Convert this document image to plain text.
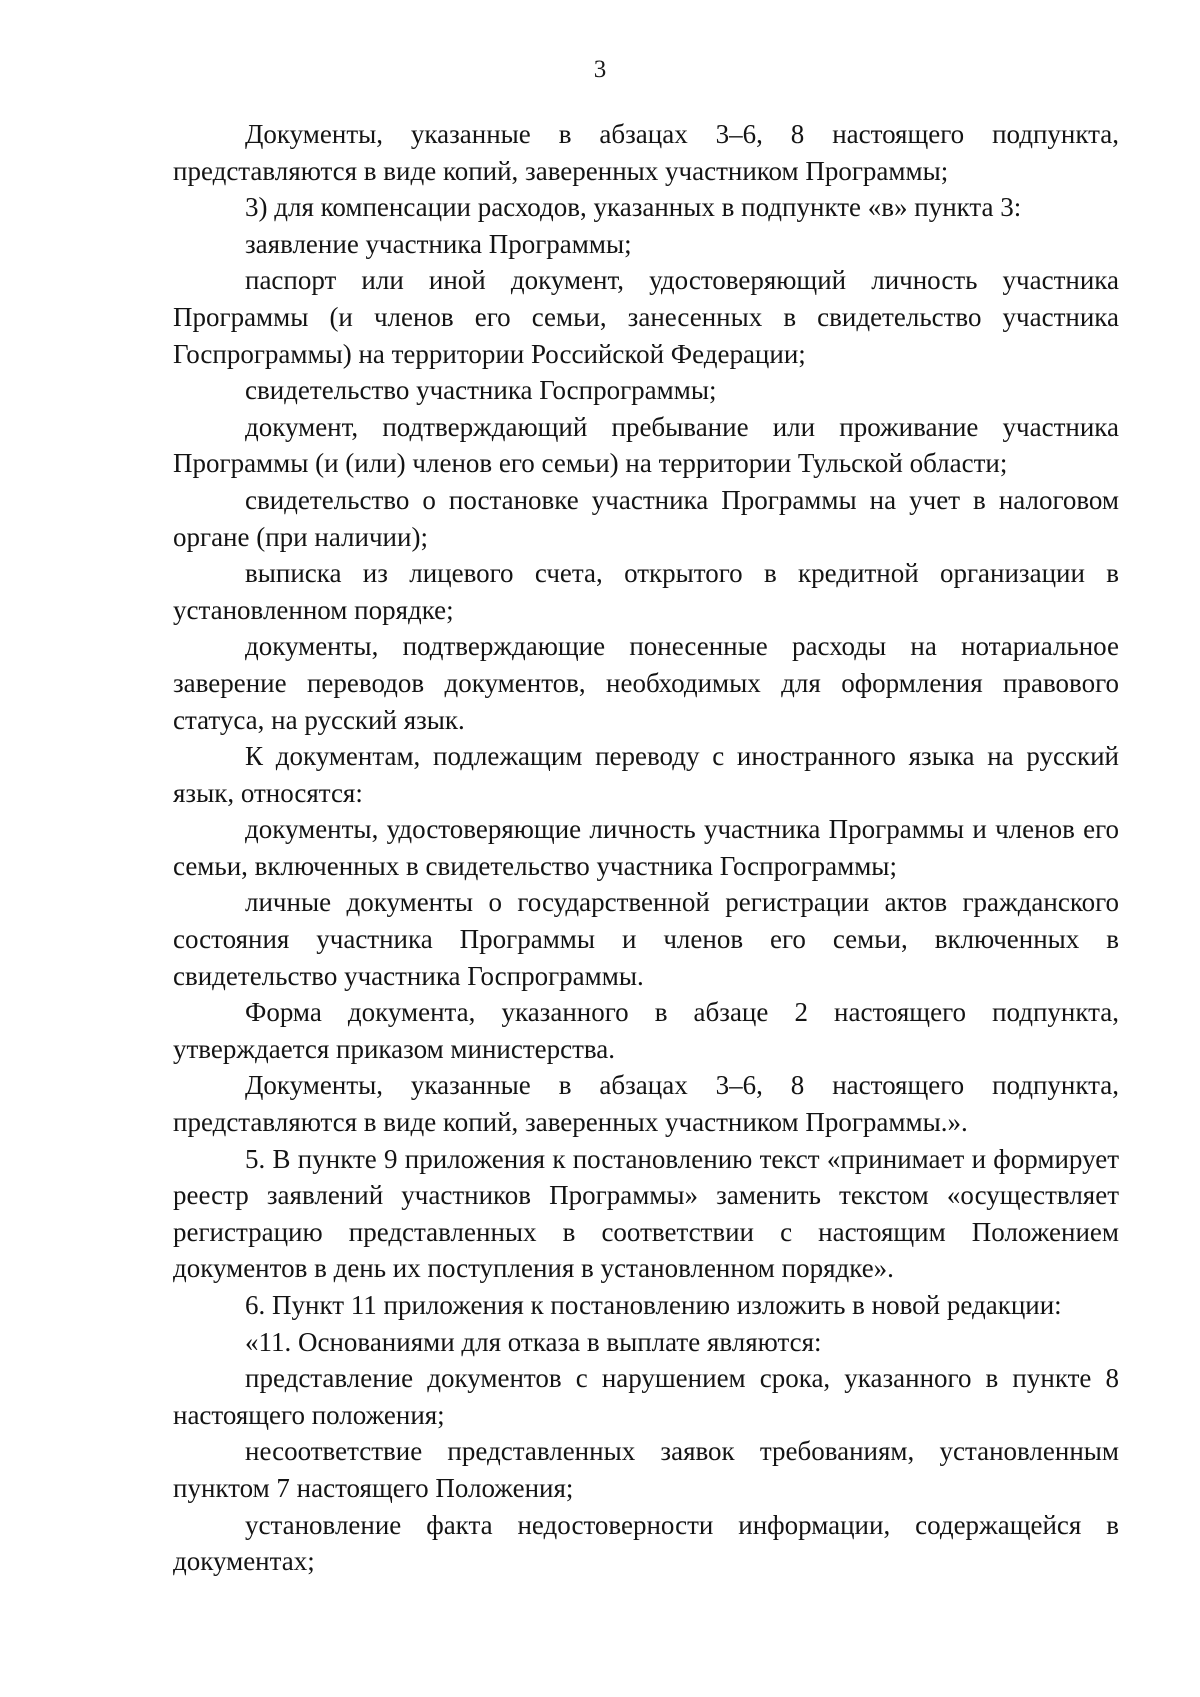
3

Документы, указанные в абзацах 3–6, 8 настоящего подпункта, представляются в виде копий, заверенных участником Программы;

3) для компенсации расходов, указанных в подпункте «в» пункта 3:

заявление участника Программы;

паспорт или иной документ, удостоверяющий личность участника Программы (и членов его семьи, занесенных в свидетельство участника Госпрограммы) на территории Российской Федерации;

свидетельство участника Госпрограммы;

документ, подтверждающий пребывание или проживание участника Программы (и (или) членов его семьи) на территории Тульской области;

свидетельство о постановке участника Программы на учет в налоговом органе (при наличии);

выписка из лицевого счета, открытого в кредитной организации в установленном порядке;

документы, подтверждающие понесенные расходы на нотариальное заверение переводов документов, необходимых для оформления правового статуса, на русский язык.

К документам, подлежащим переводу с иностранного языка на русский язык, относятся:

документы, удостоверяющие личность участника Программы и членов его семьи, включенных в свидетельство участника Госпрограммы;

личные документы о государственной регистрации актов гражданского состояния участника Программы и членов его семьи, включенных в свидетельство участника Госпрограммы.

Форма документа, указанного в абзаце 2 настоящего подпункта, утверждается приказом министерства.

Документы, указанные в абзацах 3–6, 8 настоящего подпункта, представляются в виде копий, заверенных участником Программы.».

5. В пункте 9 приложения к постановлению текст «принимает и формирует реестр заявлений участников Программы» заменить текстом «осуществляет регистрацию представленных в соответствии с настоящим Положением документов в день их поступления в установленном порядке».

6. Пункт 11 приложения к постановлению изложить в новой редакции:

«11. Основаниями для отказа в выплате являются:

представление документов с нарушением срока, указанного в пункте 8 настоящего положения;

несоответствие представленных заявок требованиям, установленным пунктом 7 настоящего Положения;

установление факта недостоверности информации, содержащейся в документах;
